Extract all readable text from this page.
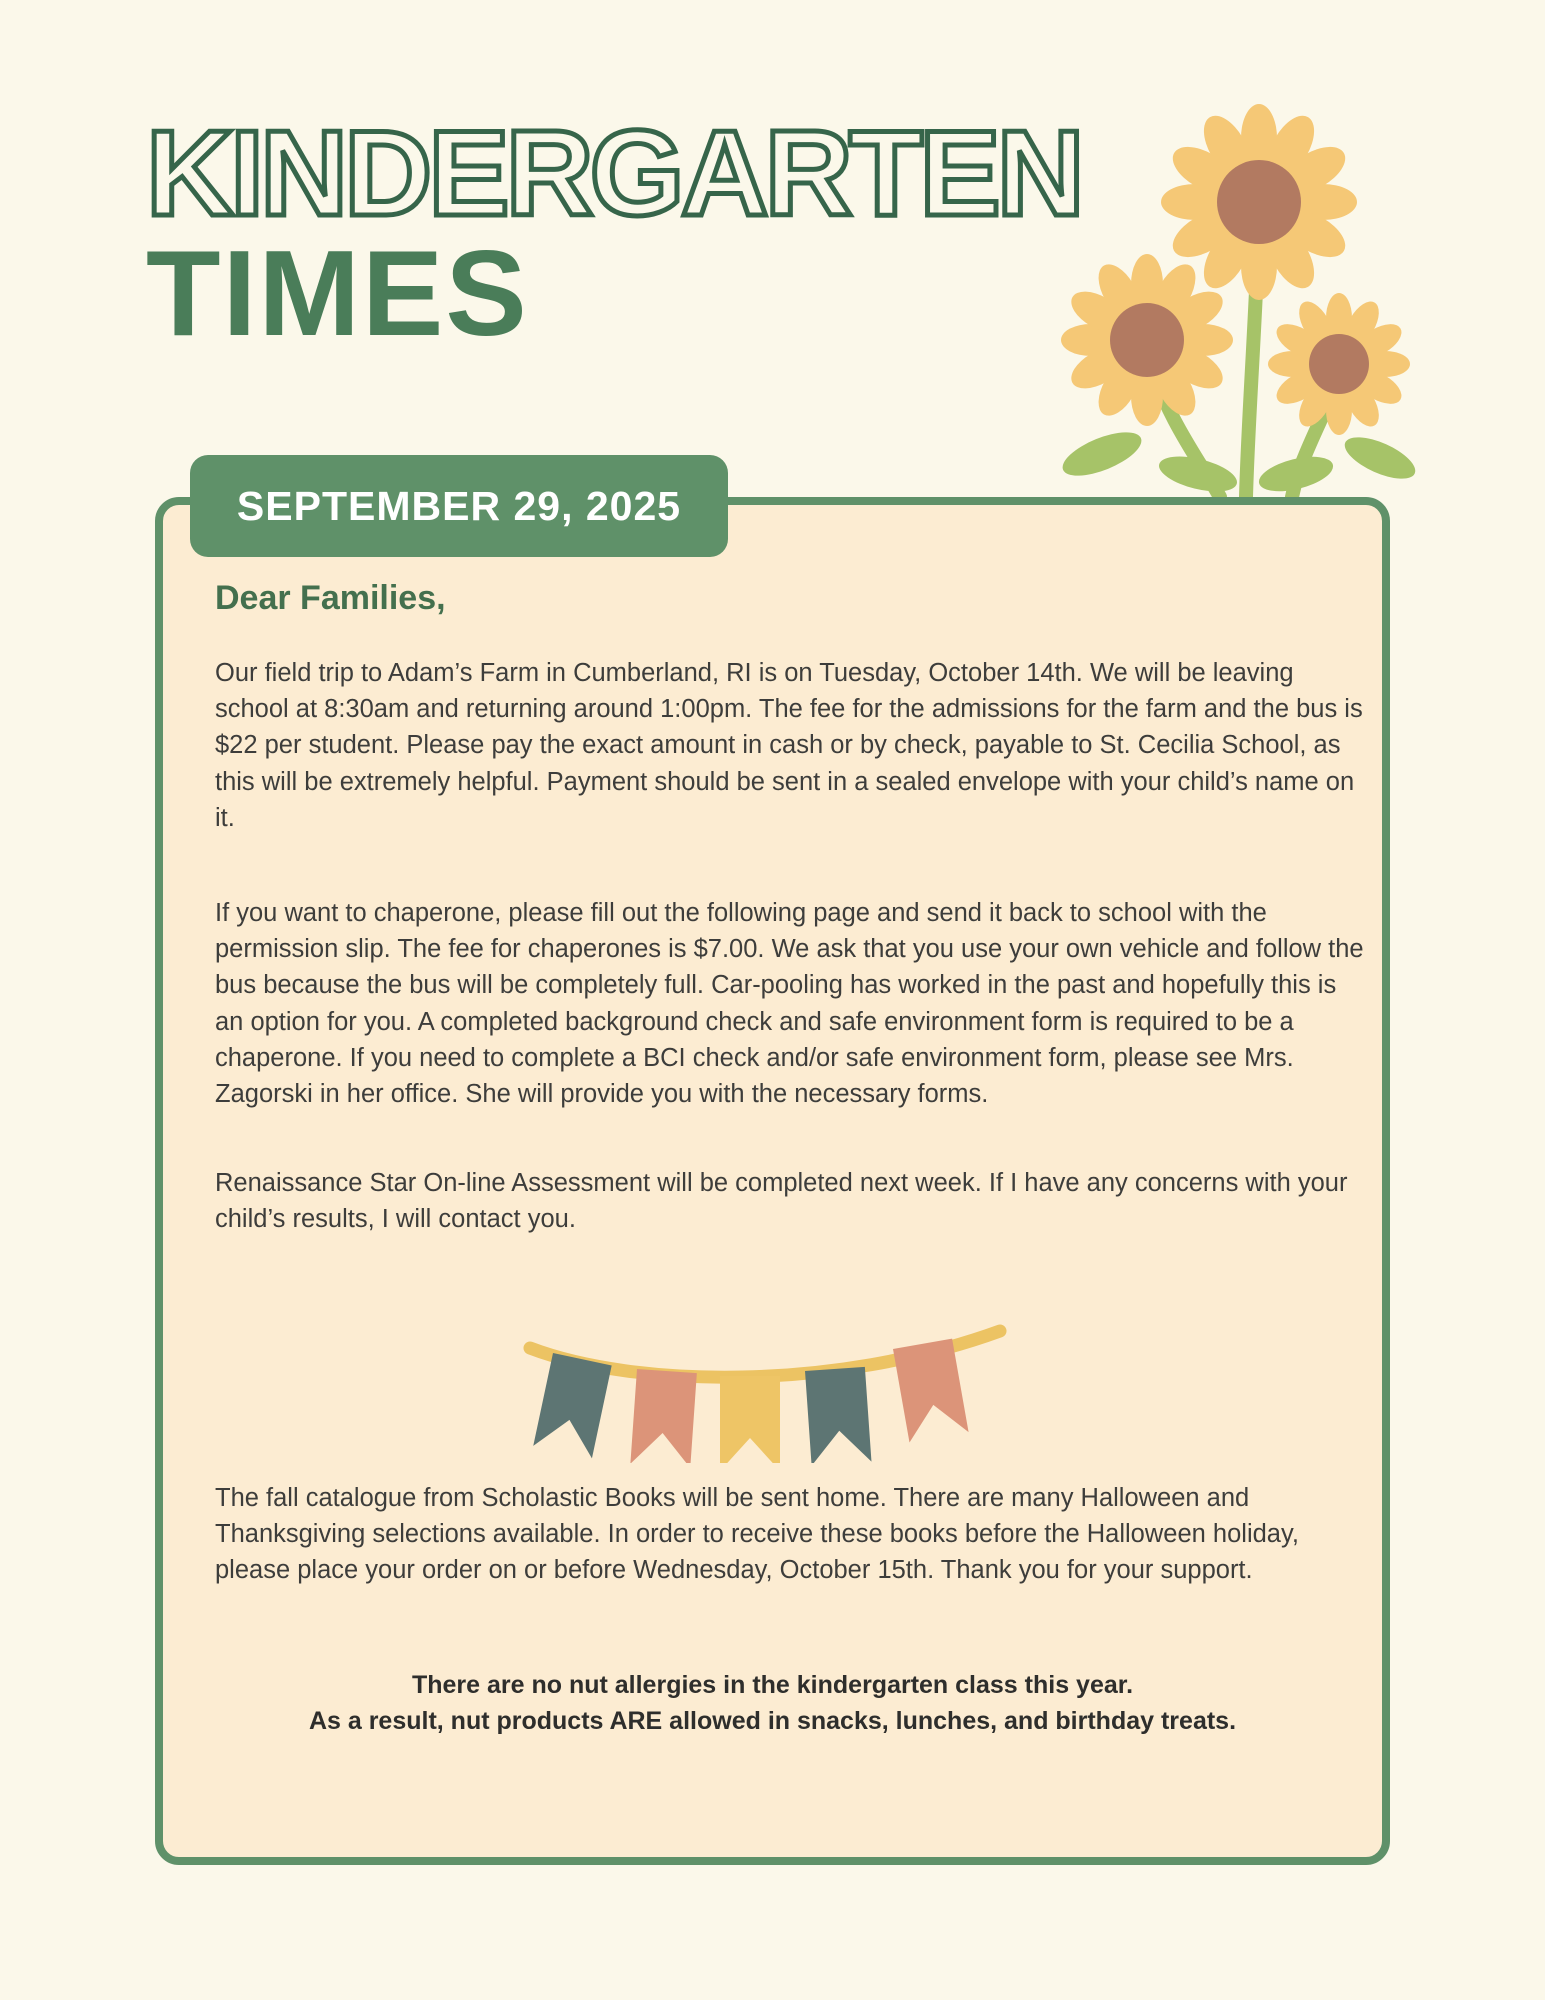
KINDERGARTEN
TIMES
SEPTEMBER 29, 2025
Dear Families,
Our field trip to Adam’s Farm in Cumberland, RI is on Tuesday, October 14th. We will be leaving school at 8:30am and returning around 1:00pm. The fee for the admissions for the farm and the bus is $22 per student. Please pay the exact amount in cash or by check, payable to St. Cecilia School, as this will be extremely helpful. Payment should be sent in a sealed envelope with your child’s name on it.
If you want to chaperone, please fill out the following page and send it back to school with the permission slip. The fee for chaperones is $7.00. We ask that you use your own vehicle and follow the bus because the bus will be completely full. Car-pooling has worked in the past and hopefully this is an option for you. A completed background check and safe environment form is required to be a chaperone. If you need to complete a BCI check and/or safe environment form, please see Mrs. Zagorski in her office. She will provide you with the necessary forms.
Renaissance Star On-line Assessment will be completed next week. If I have any concerns with your child’s results, I will contact you.
The fall catalogue from Scholastic Books will be sent home. There are many Halloween and Thanksgiving selections available. In order to receive these books before the Halloween holiday, please place your order on or before Wednesday, October 15th. Thank you for your support.
There are no nut allergies in the kindergarten class this year.
As a result, nut products ARE allowed in snacks, lunches, and birthday treats.
